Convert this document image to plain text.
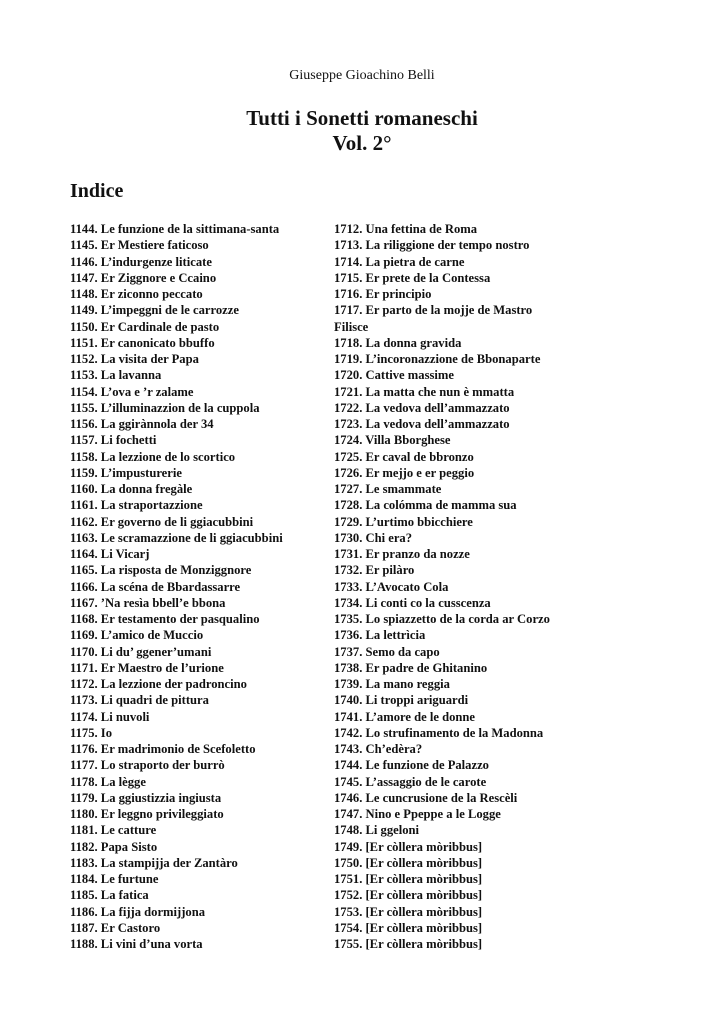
Giuseppe Gioachino Belli
Tutti i Sonetti romaneschi
Vol. 2°
Indice
1144. Le funzione de la sittimana-santa
1145. Er Mestiere faticoso
1146. L’indurgenze liticate
1147. Er Ziggnore e Ccaino
1148. Er ziconno peccato
1149. L’impeggni de le carrozze
1150. Er Cardinale de pasto
1151. Er canonicato bbuffo
1152. La visita der Papa
1153. La lavanna
1154. L’ova e ’r zalame
1155. L’illuminazzion de la cuppola
1156. La ggirànnola der 34
1157. Li fochetti
1158. La lezzione de lo scortico
1159. L’impusturerie
1160. La donna fregàle
1161. La straportazzione
1162. Er governo de li ggiacubbini
1163. Le scramazzione de li ggiacubbini
1164. Li Vicarj
1165. La risposta de Monziggnore
1166. La scéna de Bbardassarre
1167. ’Na resìa bbell’e bbona
1168. Er testamento der pasqualino
1169. L’amico de Muccio
1170. Li du’ ggener’umani
1171. Er Maestro de l’urione
1172. La lezzione der padroncino
1173. Li quadri de pittura
1174. Li nuvoli
1175. Io
1176. Er madrimonio de Scefoletto
1177. Lo straporto der burrò
1178. La lègge
1179. La ggiustizzia ingiusta
1180. Er leggno privileggiato
1181. Le catture
1182. Papa Sisto
1183. La stampijja der Zantàro
1184. Le furtune
1185. La fatica
1186. La fijja dormijjona
1187. Er Castoro
1188. Li vini d’una vorta
1712. Una fettina de Roma
1713. La riliggione der tempo nostro
1714. La pietra de carne
1715. Er prete de la Contessa
1716. Er principio
1717. Er parto de la mojje de Mastro
Filisce
1718. La donna gravida
1719. L’incoronazzione de Bbonaparte
1720. Cattive massime
1721. La matta che nun è mmatta
1722. La vedova dell’ammazzato
1723. La vedova dell’ammazzato
1724. Villa Bborghese
1725. Er caval de bbronzo
1726. Er mejjo e er peggio
1727. Le smammate
1728. La colómma de mamma sua
1729. L’urtimo bbicchiere
1730. Chi era?
1731. Er pranzo da nozze
1732. Er pilàro
1733. L’Avocato Cola
1734. Li conti co la cusscenza
1735. Lo spiazzetto de la corda ar Corzo
1736. La lettrìcia
1737. Semo da capo
1738. Er padre de Ghitanino
1739. La mano reggia
1740. Li troppi ariguardi
1741. L’amore de le donne
1742. Lo strufinamento de la Madonna
1743. Ch’edèra?
1744. Le funzione de Palazzo
1745. L’assaggio de le carote
1746. Le cuncrusione de la Rescèli
1747. Nino e Ppeppe a le Logge
1748. Li ggeloni
1749. [Er còllera mòribbus]
1750. [Er còllera mòribbus]
1751. [Er còllera mòribbus]
1752. [Er còllera mòribbus]
1753. [Er còllera mòribbus]
1754. [Er còllera mòribbus]
1755. [Er còllera mòribbus]
